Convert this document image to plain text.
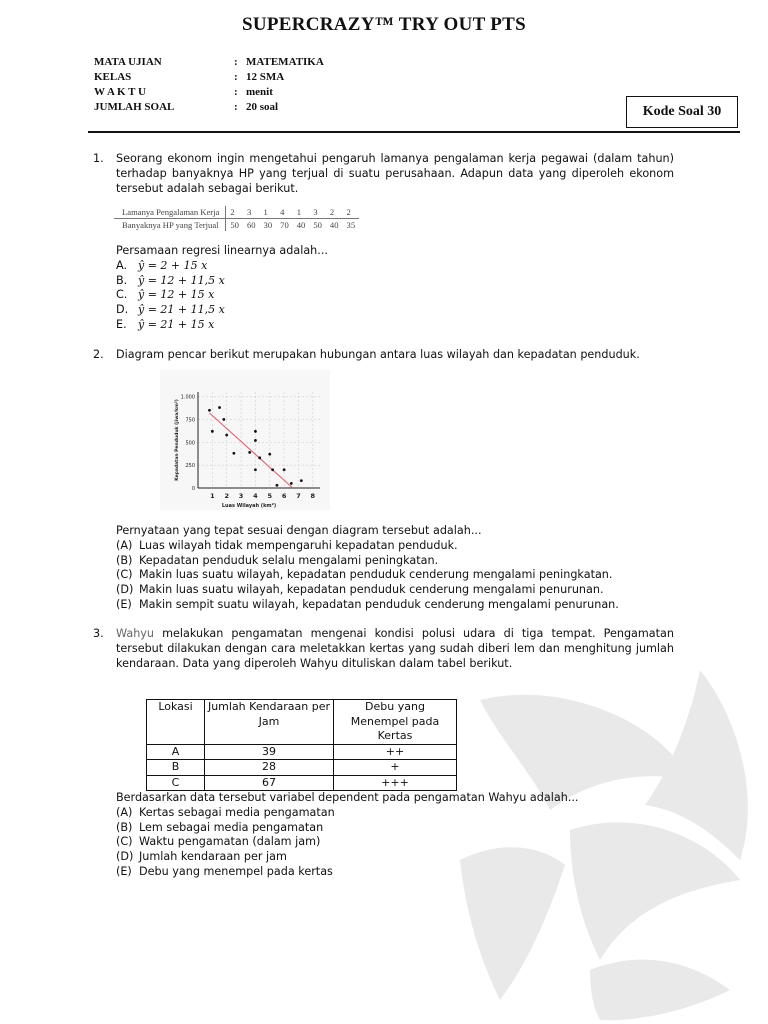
SUPERCRAZY™ TRY OUT PTS
MATA UJIAN	: MATEMATIKA
KELAS	: 12 SMA
W A K T U	: menit
JUMLAH SOAL	: 20 soal	Kode Soal 30
1. Seorang ekonom ingin mengetahui pengaruh lamanya pengalaman kerja pegawai (dalam tahun) terhadap banyaknya HP yang terjual di suatu perusahaan. Adapun data yang diperoleh ekonom tersebut adalah sebagai berikut.
Lamanya Pengalaman Kerja	2	3	1	4	1	3	2	2
Banyaknya HP yang Terjual	50	60	30	70	40	50	40	35
Persamaan regresi linearnya adalah...
A. ŷ = 2 + 15 x
B. ŷ = 12 + 11,5 x
C. ŷ = 12 + 15 x
D. ŷ = 21 + 11,5 x
E.	ŷ = 21 + 15 x
2. Diagram pencar berikut merupakan hubungan antara luas wilayah dan kepadatan penduduk.
1 2 3 4 5 6 7 8
0
250
500
750
1.000
Luas Wilayah (km²)
Kepadatan Penduduk (jiwa/km²)
Pernyataan yang tepat sesuai dengan diagram tersebut adalah...
(A) Luas wilayah tidak mempengaruhi kepadatan penduduk.
(B) Kepadatan penduduk selalu mengalami peningkatan.
(C) Makin luas suatu wilayah, kepadatan penduduk cenderung mengalami peningkatan.
(D) Makin luas suatu wilayah, kepadatan penduduk cenderung mengalami penurunan.
(E) Makin sempit suatu wilayah, kepadatan penduduk cenderung mengalami penurunan.
3. Wahyu melakukan pengamatan mengenai kondisi polusi udara di tiga tempat. Pengamatan tersebut dilakukan dengan cara meletakkan kertas yang sudah diberi lem dan menghitung jumlah kendaraan. Data yang diperoleh Wahyu dituliskan dalam tabel berikut.
Lokasi	Jumlah Kendaraan per Jam	Debu yang Menempel pada Kertas
A	39	++
B	28	+
C	67	+++
Berdasarkan data tersebut variabel dependent pada pengamatan Wahyu adalah...
(A) Kertas sebagai media pengamatan
(B) Lem sebagai media pengamatan
(C) Waktu pengamatan (dalam jam)
(D) Jumlah kendaraan per jam
(E) Debu yang menempel pada kertas
